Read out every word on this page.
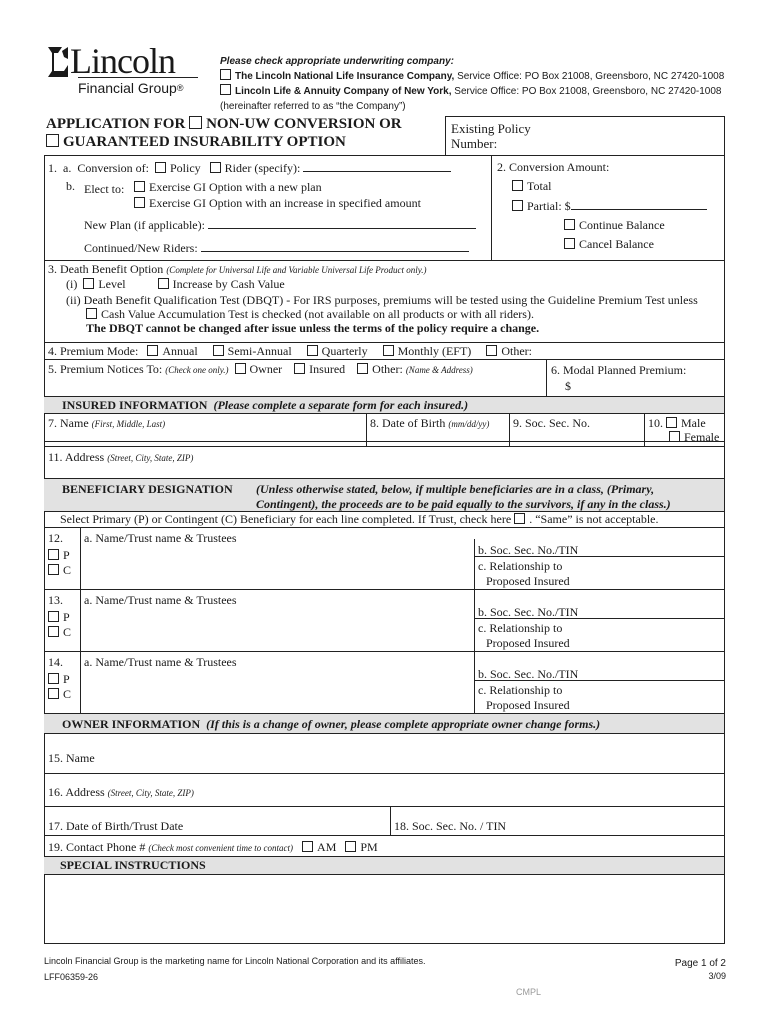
Lincoln
Financial Group®
Please check appropriate underwriting company:
The Lincoln National Life Insurance Company, Service Office: PO Box 21008, Greensboro, NC 27420-1008
Lincoln Life & Annuity Company of New York, Service Office: PO Box 21008, Greensboro, NC 27420-1008
(hereinafter referred to as “the Company”)
APPLICATION FOR NON-UW CONVERSION OR
GUARANTEED INSURABILITY OPTION
Existing Policy
Number:
1. a. Conversion of: Policy Rider (specify):
b. Elect to:	Exercise GI Option with a new plan
Exercise GI Option with an increase in specified amount
New Plan (if applicable):
Continued/New Riders:
2. Conversion Amount:
Total
Partial: $
Continue Balance
Cancel Balance
3. Death Benefit Option (Complete for Universal Life and Variable Universal Life Product only.)
(i) Level	Increase by Cash Value
(ii) Death Benefit Qualification Test (DBQT) - For IRS purposes, premiums will be tested using the Guideline Premium Test unless
Cash Value Accumulation Test is checked (not available on all products or with all riders).
The DBQT cannot be changed after issue unless the terms of the policy require a change.
4. Premium Mode: Annual	Semi-Annual	Quarterly	Monthly (EFT)	Other:
5. Premium Notices To: (Check one only.) Owner Insured Other: (Name & Address)	6. Modal Planned Premium:
$
INSURED INFORMATION (Please complete a separate form for each insured.)
7. Name (First, Middle, Last)	8. Date of Birth (mm/dd/yy) 9. Soc. Sec. No.	10. Male
Female
11. Address (Street, City, State, ZIP)
BENEFICIARY DESIGNATION (Unless otherwise stated, below, if multiple beneficiaries are in a class, (Primary,
Contingent), the proceeds are to be paid equally to the survivors, if any in the class.)
Select Primary (P) or Contingent (C) Beneficiary for each line completed. If Trust, check here . “Same” is not acceptable.
12.
P
C
a. Name/Trust name & Trustees
b. Soc. Sec. No./TIN
c. Relationship to
Proposed Insured
13.
P
C
a. Name/Trust name & Trustees
b. Soc. Sec. No./TIN
c. Relationship to
Proposed Insured
14.
P
C
a. Name/Trust name & Trustees
b. Soc. Sec. No./TIN
c. Relationship to
Proposed Insured
OWNER INFORMATION (If this is a change of owner, please complete appropriate owner change forms.)
15. Name
16. Address (Street, City, State, ZIP)
17. Date of Birth/Trust Date	18. Soc. Sec. No. / TIN
19. Contact Phone # (Check most convenient time to contact) AM PM
SPECIAL INSTRUCTIONS
Lincoln Financial Group is the marketing name for Lincoln National Corporation and its affiliates.
LFF06359-26
Page 1 of 2
3/09
CMPL
